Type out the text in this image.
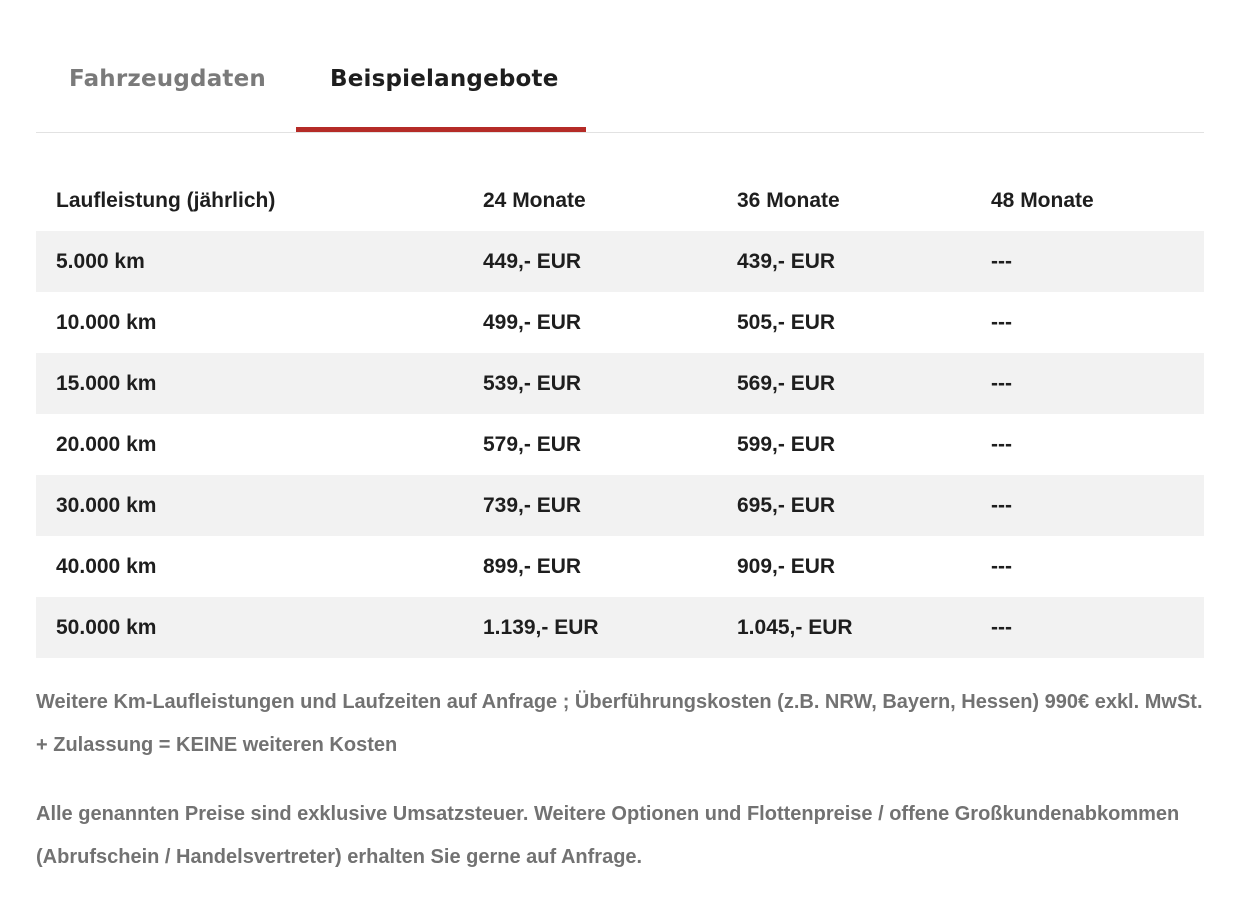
Fahrzeugdaten	Beispielangebote
Laufleistung (jährlich)	24 Monate	36 Monate	48 Monate
5.000 km	449,- EUR	439,- EUR	---
10.000 km	499,- EUR	505,- EUR	---
15.000 km	539,- EUR	569,- EUR	---
20.000 km	579,- EUR	599,- EUR	---
30.000 km	739,- EUR	695,- EUR	---
40.000 km	899,- EUR	909,- EUR	---
50.000 km	1.139,- EUR	1.045,- EUR	---

Weitere Km-Laufleistungen und Laufzeiten auf Anfrage ; Überführungskosten (z.B. NRW, Bayern, Hessen) 990€ exkl. MwSt. + Zulassung = KEINE weiteren Kosten

Alle genannten Preise sind exklusive Umsatzsteuer. Weitere Optionen und Flottenpreise / offene Großkundenabkommen (Abrufschein / Handelsvertreter) erhalten Sie gerne auf Anfrage.
